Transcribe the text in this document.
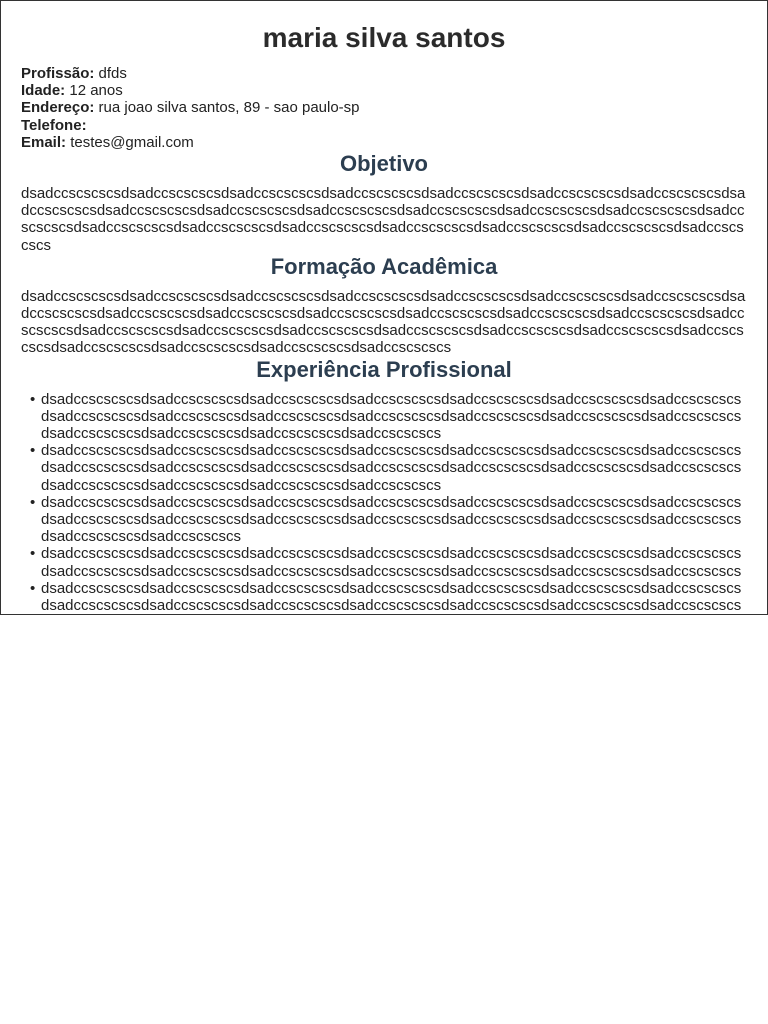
maria silva santos
Profissão: dfds
Idade: 12 anos
Endereço: rua joao silva santos, 89 - sao paulo-sp
Telefone:
Email: testes@gmail.com
Objetivo

dsadccscscscsdsadccscscscsdsadccscscscsdsadccscscscsdsadccscscscsdsadccscscscsdsadccscscscsdsadccscscscsdsadccscscscsdsadccscscscsdsadccscscscsdsadccscscscsdsadccscscscsdsadccscscscsdsadccscscscsdsadccscscscsdsadccscscscsdsadccscscscsdsadccscscscsdsadccscscscsdsadccscscscsdsadccscscscs

Formação Acadêmica

dsadccscscscsdsadccscscscsdsadccscscscsdsadccscscscsdsadccscscscsdsadccscscscsdsadccscscscsdsadccscscscsdsadccscscscsdsadccscscscsdsadccscscscsdsadccscscscsdsadccscscscsdsadccscscscsdsadccscscscsdsadccscscscsdsadccscscscsdsadccscscscsdsadccscscscsdsadccscscscsdsadccscscscsdsadccscscscsdsadccscscscsdsadccscscscsdsadccscscscsdsadccscscscs

Experiência Profissional
• dsadccscscscsdsadccscscscsdsadccscscscsdsadccscscscsdsadccscscscsdsadccscscscsdsadccscscscsdsadccscscscsdsadccscscscsdsadccscscscsdsadccscscscsdsadccscscscsdsadccscscscsdsadccscscscsdsadccscscscsdsadccscscscsdsadccscscscsdsadccscscscs
• dsadccscscscsdsadccscscscsdsadccscscscsdsadccscscscsdsadccscscscsdsadccscscscsdsadccscscscsdsadccscscscsdsadccscscscsdsadccscscscsdsadccscscscsdsadccscscscsdsadccscscscsdsadccscscscsdsadccscscscsdsadccscscscsdsadccscscscsdsadccscscscs
• dsadccscscscsdsadccscscscsdsadccscscscsdsadccscscscsdsadccscscscsdsadccscscscsdsadccscscscsdsadccscscscsdsadccscscscsdsadccscscscsdsadccscscscsdsadccscscscsdsadccscscscsdsadccscscscsdsadccscscscsdsadccscscscs
• dsadccscscscsdsadccscscscsdsadccscscscsdsadccscscscsdsadccscscscsdsadccscscscsdsadccscscscsdsadccscscscsdsadccscscscsdsadccscscscsdsadccscscscsdsadccscscscsdsadccscscscsdsadccscscscs
• dsadccscscscsdsadccscscscsdsadccscscscsdsadccscscscsdsadccscscscsdsadccscscscsdsadccscscscsdsadccscscscsdsadccscscscsdsadccscscscsdsadccscscscsdsadccscscscsdsadccscscscsdsadccscscscs
